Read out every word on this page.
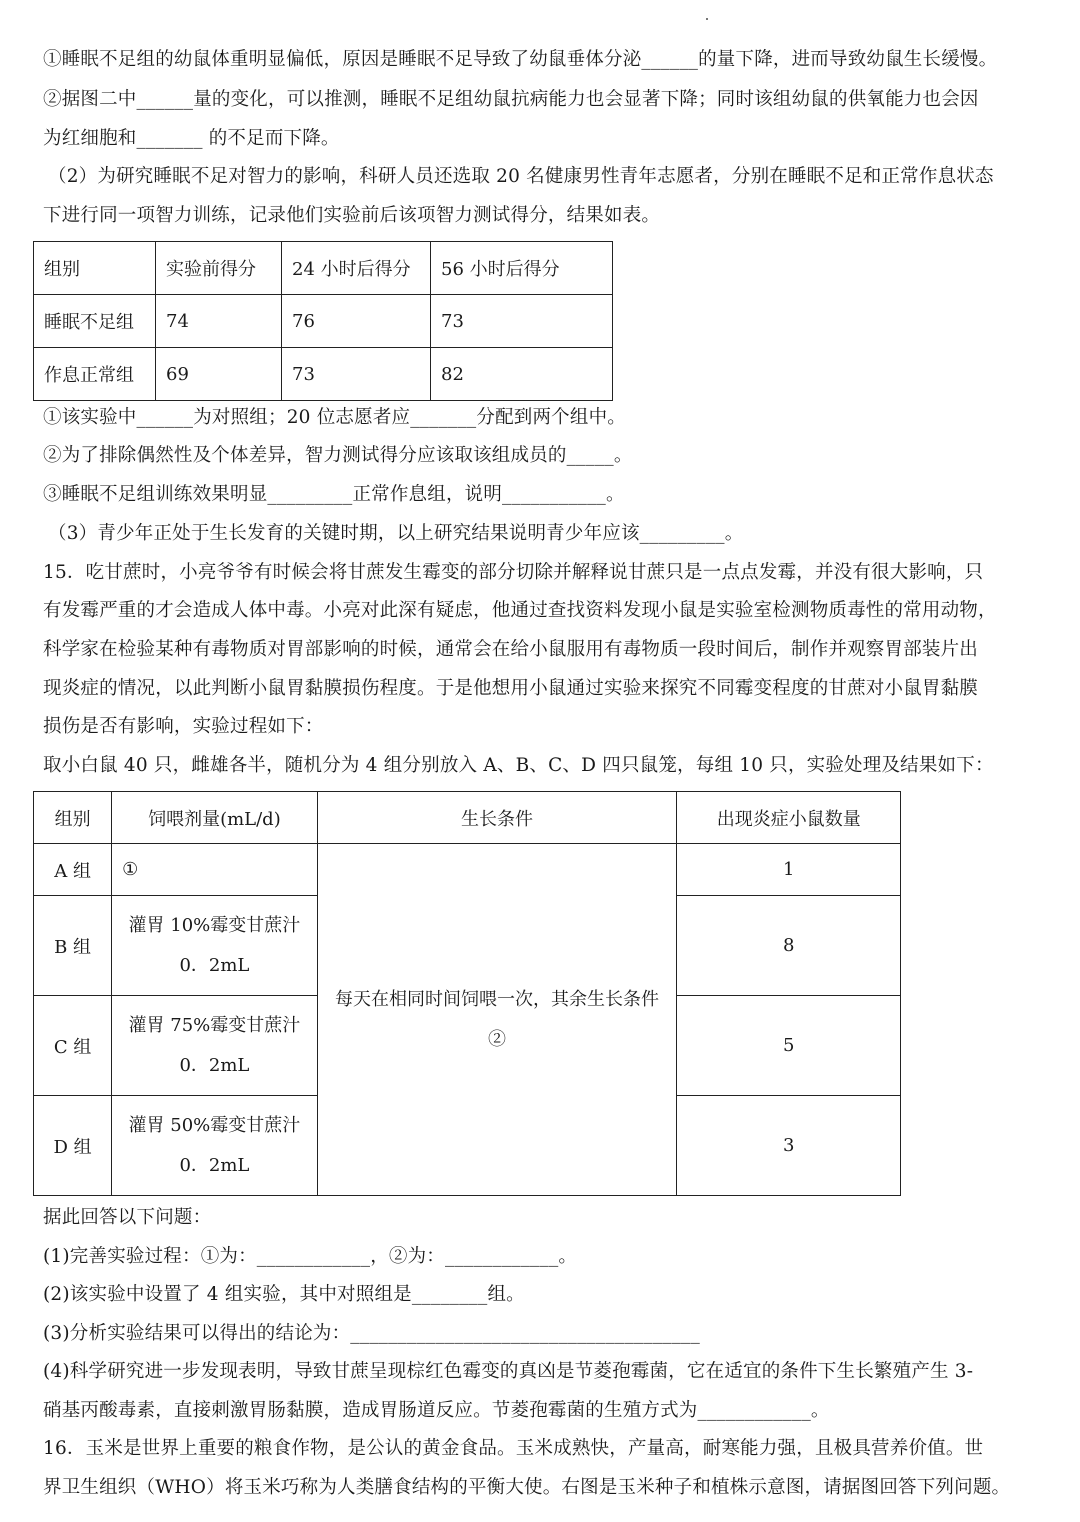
①睡眠不足组的幼鼠体重明显偏低，原因是睡眠不足导致了幼鼠垂体分泌______的量下降，进而导致幼鼠生长缓慢。
②据图二中______量的变化，可以推测，睡眠不足组幼鼠抗病能力也会显著下降；同时该组幼鼠的供氧能力也会因
为红细胞和_______ 的不足而下降。
（2）为研究睡眠不足对智力的影响，科研人员还选取 20 名健康男性青年志愿者，分别在睡眠不足和正常作息状态
下进行同一项智力训练，记录他们实验前后该项智力测试得分，结果如表。
组别	实验前得分	24 小时后得分	56 小时后得分
睡眠不足组	74	76	73
作息正常组	69	73	82
①该实验中______为对照组；20 位志愿者应_______分配到两个组中。
②为了排除偶然性及个体差异，智力测试得分应该取该组成员的_____。
③睡眠不足组训练效果明显_________正常作息组，说明___________。
（3）青少年正处于生长发育的关键时期，以上研究结果说明青少年应该_________。
15．吃甘蔗时，小亮爷爷有时候会将甘蔗发生霉变的部分切除并解释说甘蔗只是一点点发霉，并没有很大影响，只
有发霉严重的才会造成人体中毒。小亮对此深有疑虑，他通过查找资料发现小鼠是实验室检测物质毒性的常用动物，
科学家在检验某种有毒物质对胃部影响的时候，通常会在给小鼠服用有毒物质一段时间后，制作并观察胃部装片出
现炎症的情况，以此判断小鼠胃黏膜损伤程度。于是他想用小鼠通过实验来探究不同霉变程度的甘蔗对小鼠胃黏膜
损伤是否有影响，实验过程如下：
取小白鼠 40 只，雌雄各半，随机分为 4 组分别放入 A、B、C、D 四只鼠笼，每组 10 只，实验处理及结果如下：
组别	饲喂剂量(mL/d)	生长条件	出现炎症小鼠数量
A 组	①	每天在相同时间饲喂一次，其余生长条件②	1
B 组	灌胃 10%霉变甘蔗汁
0．2mL		8
C 组	灌胃 75%霉变甘蔗汁
0．2mL		5
D 组	灌胃 50%霉变甘蔗汁
0．2mL		3
据此回答以下问题：
(1)完善实验过程：①为：____________，②为：____________。
(2)该实验中设置了 4 组实验，其中对照组是________组。
(3)分析实验结果可以得出的结论为：_____________________________________
(4)科学研究进一步发现表明，导致甘蔗呈现棕红色霉变的真凶是节菱孢霉菌，它在适宜的条件下生长繁殖产生 3-
硝基丙酸毒素，直接刺激胃肠黏膜，造成胃肠道反应。节菱孢霉菌的生殖方式为____________。
16．玉米是世界上重要的粮食作物，是公认的黄金食品。玉米成熟快，产量高，耐寒能力强，且极具营养价值。世
界卫生组织（WHO）将玉米巧称为人类膳食结构的平衡大使。右图是玉米种子和植株示意图，请据图回答下列问题。
